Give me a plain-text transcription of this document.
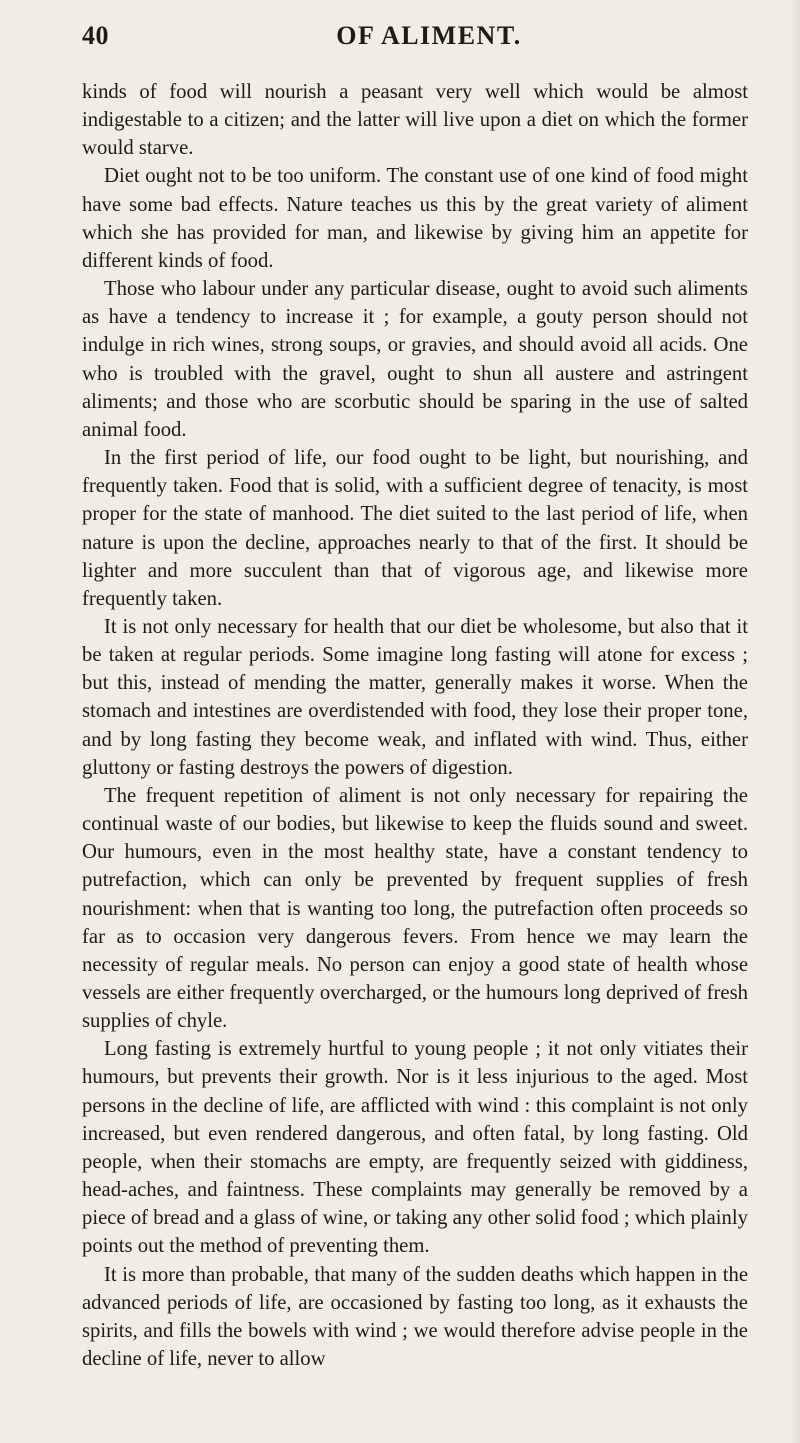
40	OF ALIMENT.

kinds of food will nourish a peasant very well which would be almost indigestable to a citizen; and the latter will live upon a diet on which the former would starve.

Diet ought not to be too uniform. The constant use of one kind of food might have some bad effects. Nature teaches us this by the great variety of aliment which she has provided for man, and likewise by giving him an appetite for different kinds of food.

Those who labour under any particular disease, ought to avoid such aliments as have a tendency to increase it ; for example, a gouty person should not indulge in rich wines, strong soups, or gravies, and should avoid all acids. One who is troubled with the gravel, ought to shun all austere and astringent aliments; and those who are scorbutic should be sparing in the use of salted animal food.

In the first period of life, our food ought to be light, but nourishing, and frequently taken. Food that is solid, with a sufficient degree of tenacity, is most proper for the state of manhood. The diet suited to the last period of life, when nature is upon the decline, approaches nearly to that of the first. It should be lighter and more succulent than that of vigorous age, and likewise more frequently taken.

It is not only necessary for health that our diet be wholesome, but also that it be taken at regular periods. Some imagine long fasting will atone for excess ; but this, instead of mending the matter, generally makes it worse. When the stomach and intestines are overdistended with food, they lose their proper tone, and by long fasting they become weak, and inflated with wind. Thus, either gluttony or fasting destroys the powers of digestion.

The frequent repetition of aliment is not only necessary for repairing the continual waste of our bodies, but likewise to keep the fluids sound and sweet. Our humours, even in the most healthy state, have a constant tendency to putrefaction, which can only be prevented by frequent supplies of fresh nourishment: when that is wanting too long, the putrefaction often proceeds so far as to occasion very dangerous fevers. From hence we may learn the necessity of regular meals. No person can enjoy a good state of health whose vessels are either frequently overcharged, or the humours long deprived of fresh supplies of chyle.

Long fasting is extremely hurtful to young people ; it not only vitiates their humours, but prevents their growth. Nor is it less injurious to the aged. Most persons in the decline of life, are afflicted with wind : this complaint is not only increased, but even rendered dangerous, and often fatal, by long fasting. Old people, when their stomachs are empty, are frequently seized with giddiness, head-aches, and faintness. These complaints may generally be removed by a piece of bread and a glass of wine, or taking any other solid food ; which plainly points out the method of preventing them.

It is more than probable, that many of the sudden deaths which happen in the advanced periods of life, are occasioned by fasting too long, as it exhausts the spirits, and fills the bowels with wind ; we would therefore advise people in the decline of life, never to allow
